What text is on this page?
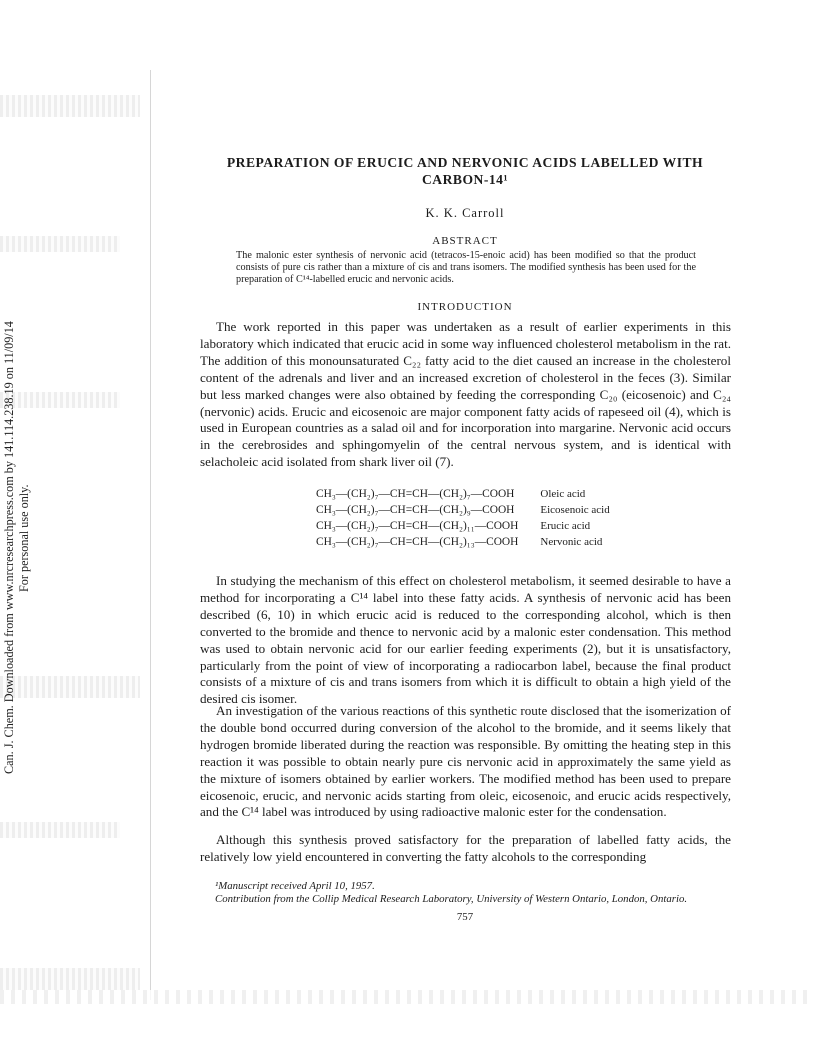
Can. J. Chem. Downloaded from www.nrcresearchpress.com by 141.114.238.19 on 11/09/14 For personal use only.
PREPARATION OF ERUCIC AND NERVONIC ACIDS LABELLED WITH CARBON-14¹
K. K. Carroll
ABSTRACT

The malonic ester synthesis of nervonic acid (tetracos-15-enoic acid) has been modified so that the product consists of pure cis rather than a mixture of cis and trans isomers. The modified synthesis has been used for the preparation of C¹⁴-labelled erucic and nervonic acids.

INTRODUCTION

The work reported in this paper was undertaken as a result of earlier experiments in this laboratory which indicated that erucic acid in some way influenced cholesterol metabolism in the rat. The addition of this monounsaturated C₂₂ fatty acid to the diet caused an increase in the cholesterol content of the adrenals and liver and an increased excretion of cholesterol in the feces (3). Similar but less marked changes were also obtained by feeding the corresponding C₂₀ (eicosenoic) and C₂₄ (nervonic) acids. Erucic and eicosenoic are major component fatty acids of rapeseed oil (4), which is used in European countries as a salad oil and for incorporation into margarine. Nervonic acid occurs in the cerebrosides and sphingomyelin of the central nervous system, and is identical with selacholeic acid isolated from shark liver oil (7).

CH₃—(CH₂)₇—CH=CH—(CH₂)₇—COOH	Oleic acid
CH₃—(CH₂)₇—CH=CH—(CH₂)₉—COOH	Eicosenoic acid
CH₃—(CH₂)₇—CH=CH—(CH₂)₁₁—COOH	Erucic acid
CH₃—(CH₂)₇—CH=CH—(CH₂)₁₃—COOH	Nervonic acid

In studying the mechanism of this effect on cholesterol metabolism, it seemed desirable to have a method for incorporating a C¹⁴ label into these fatty acids. A synthesis of nervonic acid has been described (6, 10) in which erucic acid is reduced to the corresponding alcohol, which is then converted to the bromide and thence to nervonic acid by a malonic ester condensation. This method was used to obtain nervonic acid for our earlier feeding experiments (2), but it is unsatisfactory, particularly from the point of view of incorporating a radiocarbon label, because the final product consists of a mixture of cis and trans isomers from which it is difficult to obtain a high yield of the desired cis isomer.

An investigation of the various reactions of this synthetic route disclosed that the isomerization of the double bond occurred during conversion of the alcohol to the bromide, and it seems likely that hydrogen bromide liberated during the reaction was responsible. By omitting the heating step in this reaction it was possible to obtain nearly pure cis nervonic acid in approximately the same yield as the mixture of isomers obtained by earlier workers. The modified method has been used to prepare eicosenoic, erucic, and nervonic acids starting from oleic, eicosenoic, and erucic acids respectively, and the C¹⁴ label was introduced by using radioactive malonic ester for the condensation.

Although this synthesis proved satisfactory for the preparation of labelled fatty acids, the relatively low yield encountered in converting the fatty alcohols to the corresponding

¹Manuscript received April 10, 1957.

Contribution from the Collip Medical Research Laboratory, University of Western Ontario, London, Ontario.

757
